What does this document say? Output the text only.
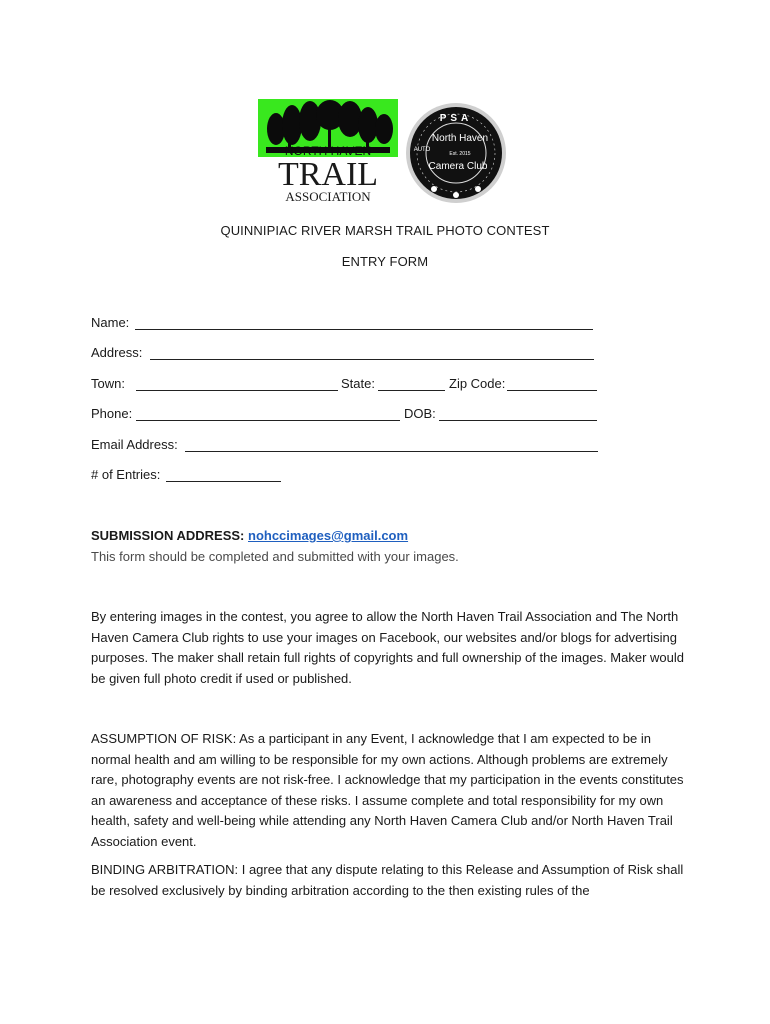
NORTH HAVEN
TRAIL
ASSOCIATION
PSA
North Haven
AUTO
Est. 2015
Camera Club
QUINNIPIAC RIVER MARSH TRAIL PHOTO CONTEST
ENTRY FORM
Name:
Address:
Town:	State:	Zip Code:
Phone:	DOB:
Email Address:
# of Entries:
SUBMISSION ADDRESS: nohccimages@gmail.com
This form should be completed and submitted with your images.
By entering images in the contest, you agree to allow the North Haven Trail Association and The North Haven Camera Club rights to use your images on Facebook, our websites and/or blogs for advertising purposes. The maker shall retain full rights of copyrights and full ownership of the images. Maker would be given full photo credit if used or published.
ASSUMPTION OF RISK: As a participant in any Event, I acknowledge that I am expected to be in normal health and am willing to be responsible for my own actions. Although problems are extremely rare, photography events are not risk-free. I acknowledge that my participation in the events constitutes an awareness and acceptance of these risks. I assume complete and total responsibility for my own health, safety and well-being while attending any North Haven Camera Club and/or North Haven Trail Association event.
BINDING ARBITRATION: I agree that any dispute relating to this Release and Assumption of Risk shall be resolved exclusively by binding arbitration according to the then existing rules of the
